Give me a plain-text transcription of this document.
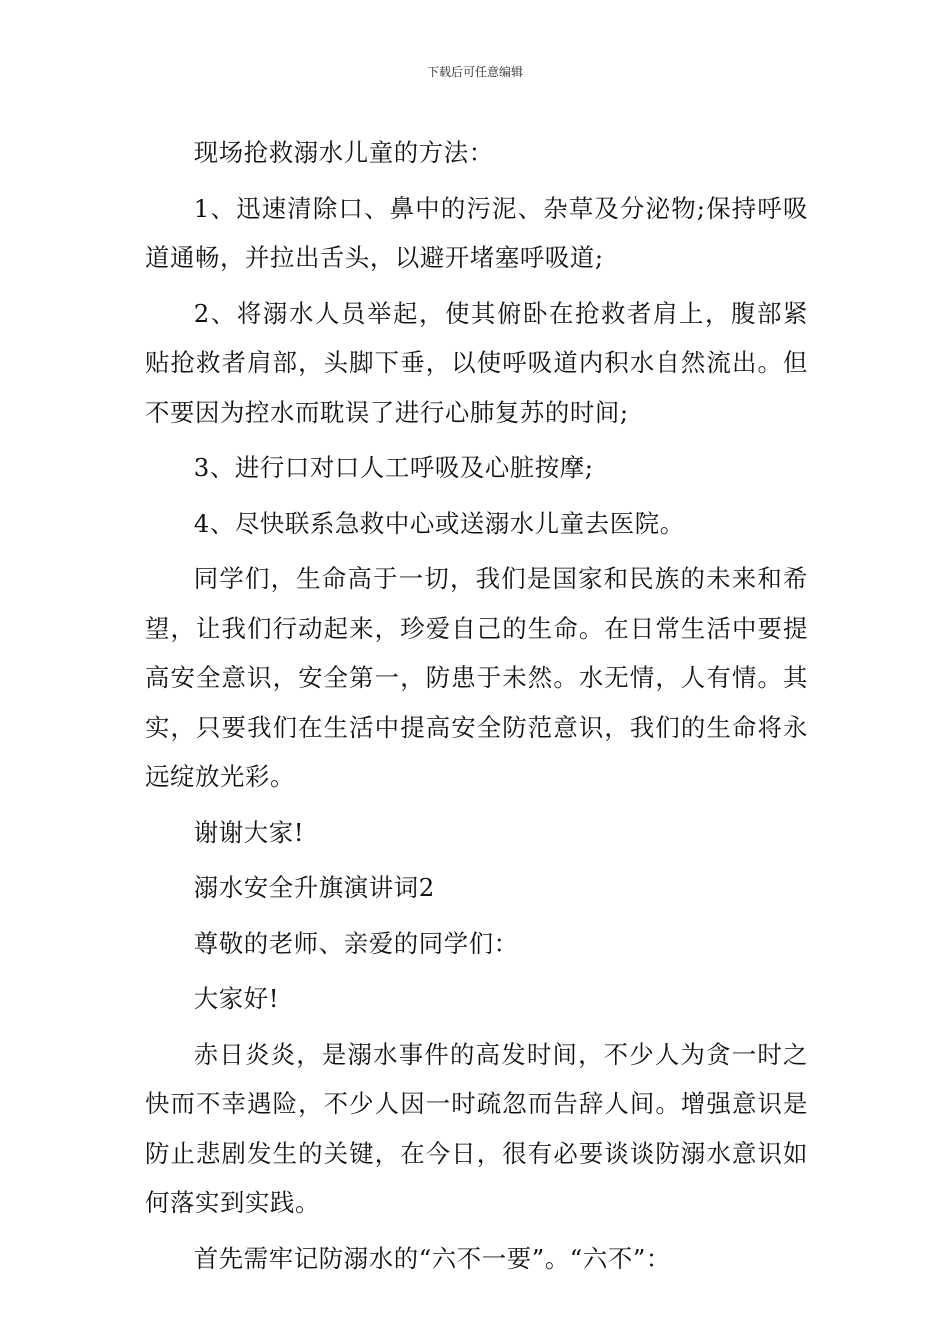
下载后可任意编辑

现场抢救溺水儿童的方法：

1、迅速清除口、鼻中的污泥、杂草及分泌物;保持呼吸道通畅，并拉出舌头，以避开堵塞呼吸道;

2、将溺水人员举起，使其俯卧在抢救者肩上，腹部紧贴抢救者肩部，头脚下垂，以使呼吸道内积水自然流出。但不要因为控水而耽误了进行心肺复苏的时间;

3、进行口对口人工呼吸及心脏按摩;

4、尽快联系急救中心或送溺水儿童去医院。

同学们，生命高于一切，我们是国家和民族的未来和希望，让我们行动起来，珍爱自己的生命。在日常生活中要提高安全意识，安全第一，防患于未然。水无情，人有情。其实，只要我们在生活中提高安全防范意识，我们的生命将永远绽放光彩。

谢谢大家!

溺水安全升旗演讲词2

尊敬的老师、亲爱的同学们：

大家好!

赤日炎炎，是溺水事件的高发时间，不少人为贪一时之快而不幸遇险，不少人因一时疏忽而告辞人间。增强意识是防止悲剧发生的关键，在今日，很有必要谈谈防溺水意识如何落实到实践。

首先需牢记防溺水的“六不一要”。“六不”：
